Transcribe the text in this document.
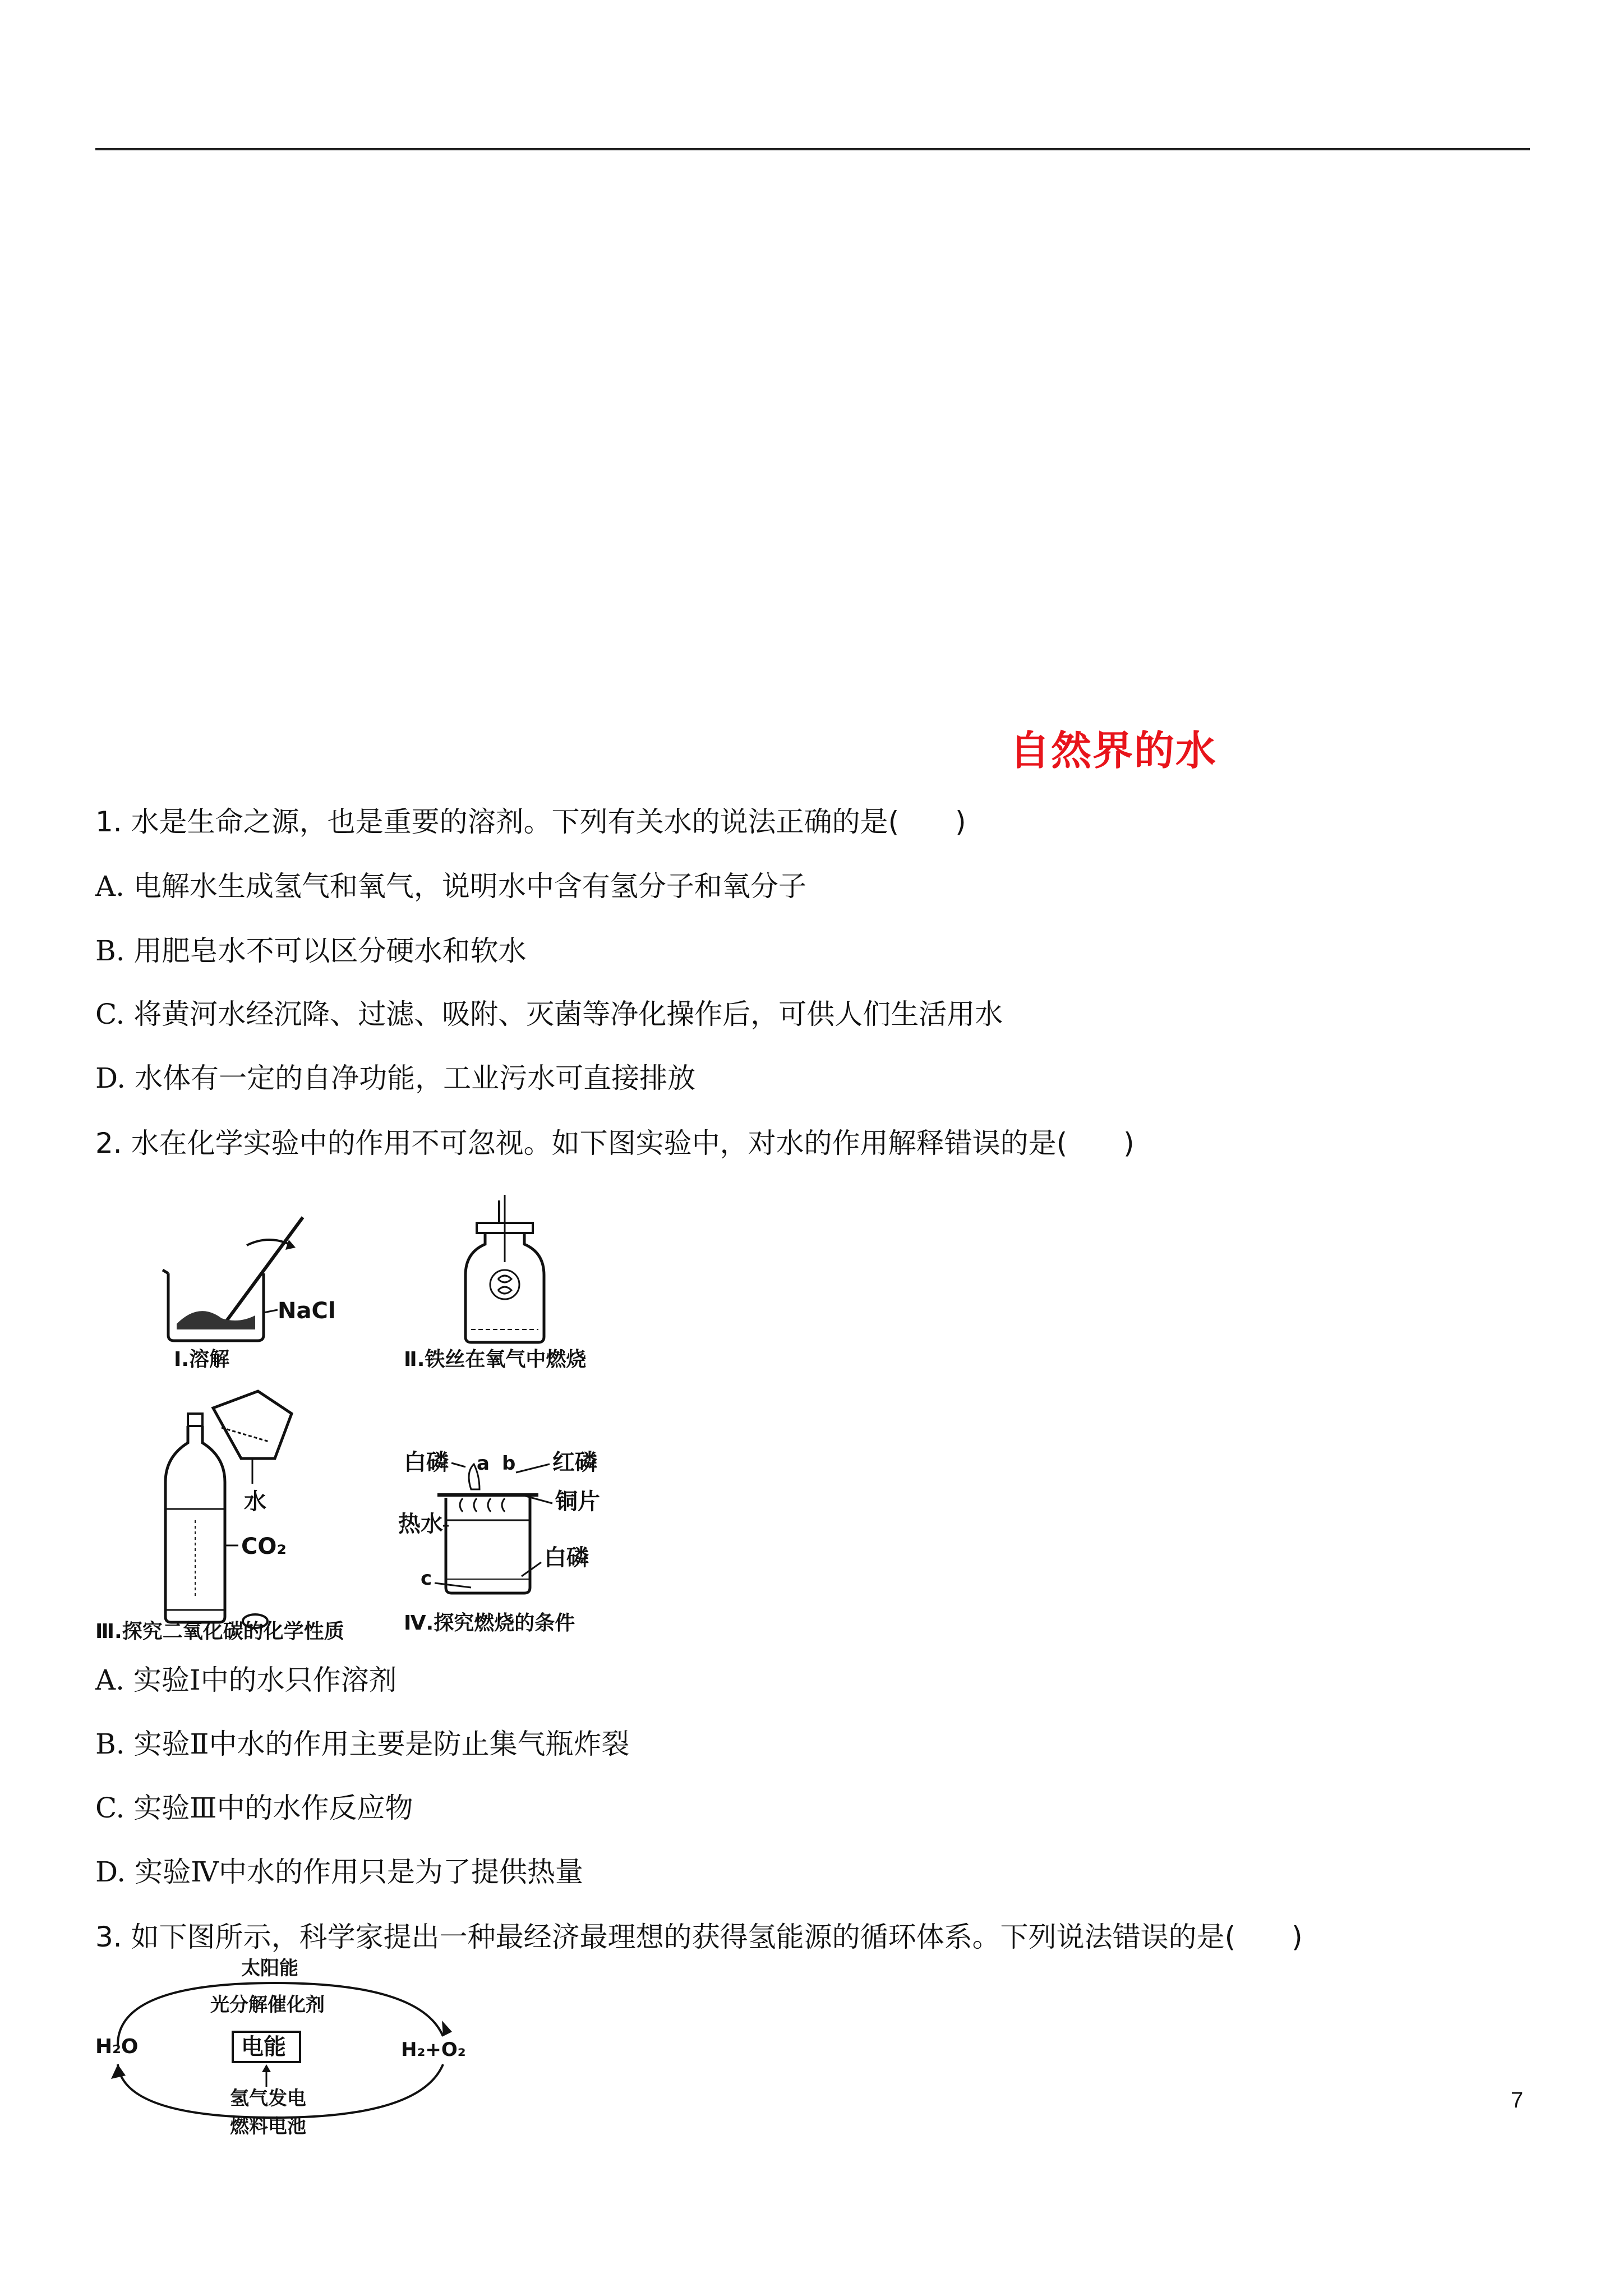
自然界的水
1. 水是生命之源，也是重要的溶剂。下列有关水的说法正确的是(　　)
A. 电解水生成氢气和氧气，说明水中含有氢分子和氧分子
B. 用肥皂水不可以区分硬水和软水
C. 将黄河水经沉降、过滤、吸附、灭菌等净化操作后，可供人们生活用水
D. 水体有一定的自净功能，工业污水可直接排放
2. 水在化学实验中的作用不可忽视。如下图实验中，对水的作用解释错误的是(　　)
NaCl
Ⅰ.溶解	Ⅱ.铁丝在氧气中燃烧
水
CO₂
Ⅲ.探究二氧化碳的化学性质
白磷 a b 红磷
铜片
热水
c
白磷
Ⅳ.探究燃烧的条件
A. 实验Ⅰ中的水只作溶剂
B. 实验Ⅱ中水的作用主要是防止集气瓶炸裂
C. 实验Ⅲ中的水作反应物
D. 实验Ⅳ中水的作用只是为了提供热量
3. 如下图所示，科学家提出一种最经济最理想的获得氢能源的循环体系。下列说法错误的是(　　)
太阳能
光分解催化剂
H₂O	电能	H₂+O₂
氢气发电
燃料电池
7
